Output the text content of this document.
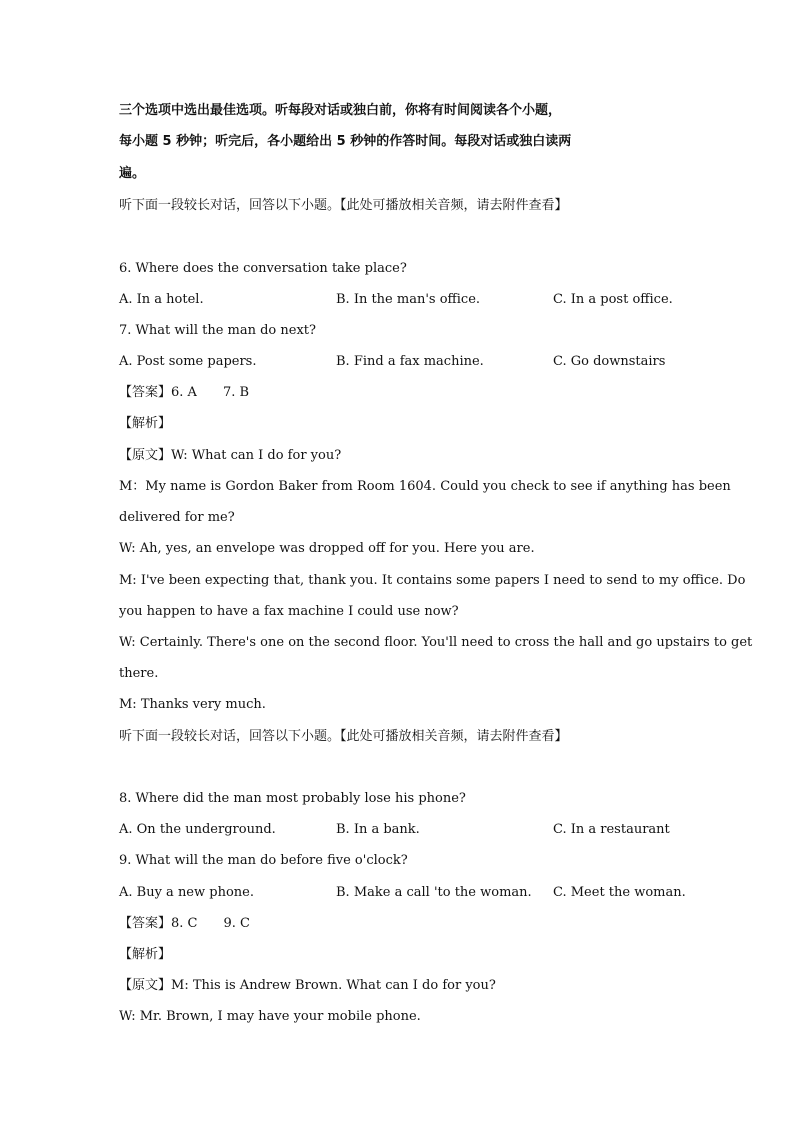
三个选项中选出最佳选项。听每段对话或独白前，你将有时间阅读各个小题，
每小题 5 秒钟；听完后，各小题给出 5 秒钟的作答时间。每段对话或独白读两
遍。
听下面一段较长对话，回答以下小题。【此处可播放相关音频，请去附件查看】
6. Where does the conversation take place?
A. In a hotel.	B. In the man's office.	C. In a post office.
7. What will the man do next?
A. Post some papers.	B. Find a fax machine.	C. Go downstairs
【答案】6. A 7. B
【解析】
【原文】W: What can I do for you?
M：My name is Gordon Baker from Room 1604. Could you check to see if anything has been
delivered for me?
W: Ah, yes, an envelope was dropped off for you. Here you are.
M: I've been expecting that, thank you. It contains some papers I need to send to my office. Do
you happen to have a fax machine I could use now?
W: Certainly. There's one on the second floor. You'll need to cross the hall and go upstairs to get
there.
M: Thanks very much.
听下面一段较长对话，回答以下小题。【此处可播放相关音频，请去附件查看】
8. Where did the man most probably lose his phone?
A. On the underground.	B. In a bank.	C. In a restaurant
9. What will the man do before five o'clock?
A. Buy a new phone.	B. Make a call 'to the woman. C. Meet the woman.
【答案】8. C 9. C
【解析】
【原文】M: This is Andrew Brown. What can I do for you?
W: Mr. Brown, I may have your mobile phone.
